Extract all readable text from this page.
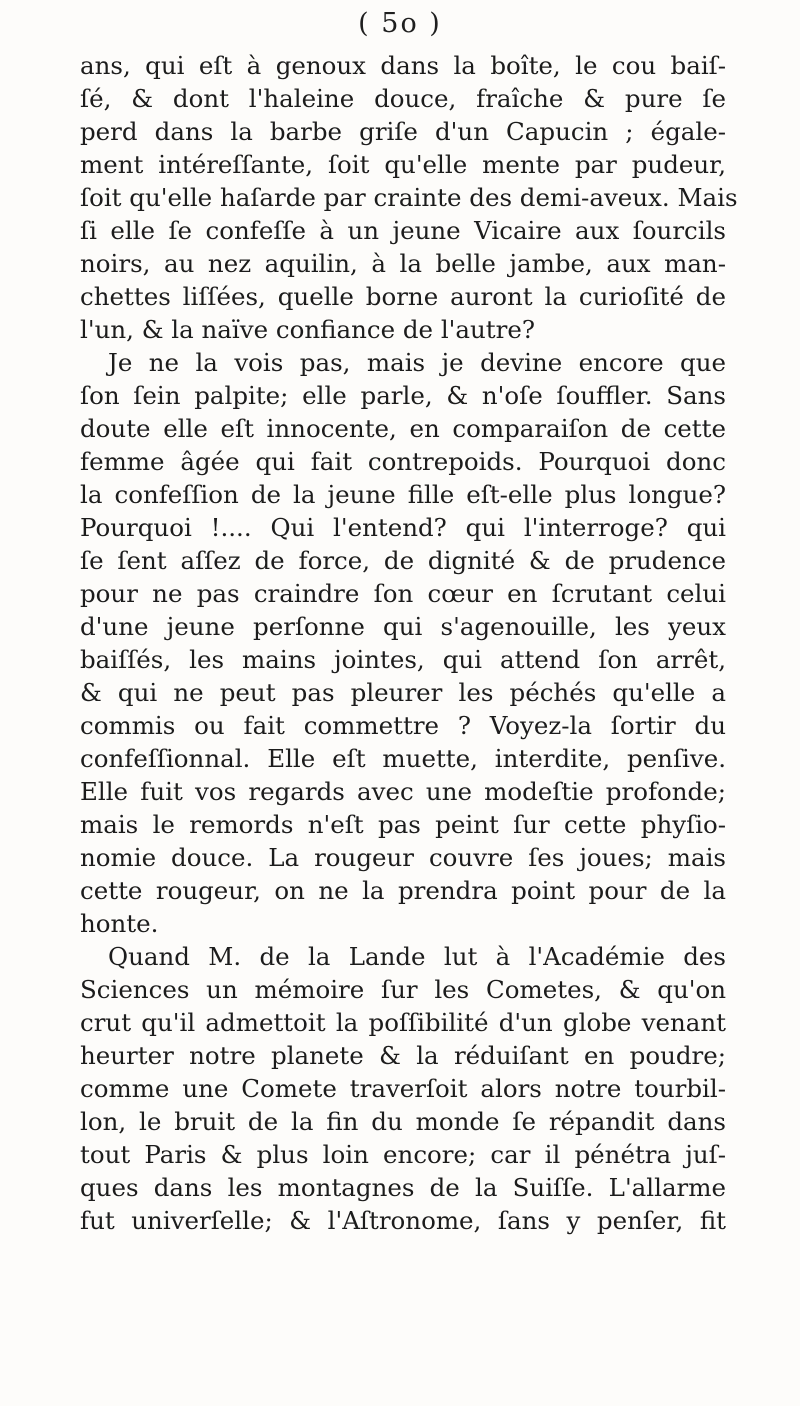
( 5o )
ans, qui eſt à genoux dans la boîte, le cou baiſ-
ſé, & dont l'haleine douce, fraîche & pure ſe
perd dans la barbe griſe d'un Capucin ; égale-
ment intéreſſante, ſoit qu'elle mente par pudeur,
ſoit qu'elle haſarde par crainte des demi-aveux. Mais
ſi elle ſe confeſſe à un jeune Vicaire aux ſourcils
noirs, au nez aquilin, à la belle jambe, aux man-
chettes liſſées, quelle borne auront la curioſité de
l'un, & la naïve confiance de l'autre?
Je ne la vois pas, mais je devine encore que
ſon ſein palpite; elle parle, & n'oſe ſouffler. Sans
doute elle eſt innocente, en comparaiſon de cette
femme âgée qui fait contrepoids. Pourquoi donc
la confeſſion de la jeune fille eſt-elle plus longue?
Pourquoi !.... Qui l'entend? qui l'interroge? qui
ſe ſent aſſez de force, de dignité & de prudence
pour ne pas craindre ſon cœur en ſcrutant celui
d'une jeune perſonne qui s'agenouille, les yeux
baiſſés, les mains jointes, qui attend ſon arrêt,
& qui ne peut pas pleurer les péchés qu'elle a
commis ou fait commettre ? Voyez-la ſortir du
confeſſionnal. Elle eſt muette, interdite, penſive.
Elle fuit vos regards avec une modeſtie profonde;
mais le remords n'eſt pas peint ſur cette phyſio-
nomie douce. La rougeur couvre ſes joues; mais
cette rougeur, on ne la prendra point pour de la
honte.
Quand M. de la Lande lut à l'Académie des
Sciences un mémoire ſur les Cometes, & qu'on
crut qu'il admettoit la poſſibilité d'un globe venant
heurter notre planete & la réduiſant en poudre;
comme une Comete traverſoit alors notre tourbil-
lon, le bruit de la fin du monde ſe répandit dans
tout Paris & plus loin encore; car il pénétra juſ-
ques dans les montagnes de la Suiſſe. L'allarme
fut univerſelle; & l'Aſtronome, ſans y penſer, fit
